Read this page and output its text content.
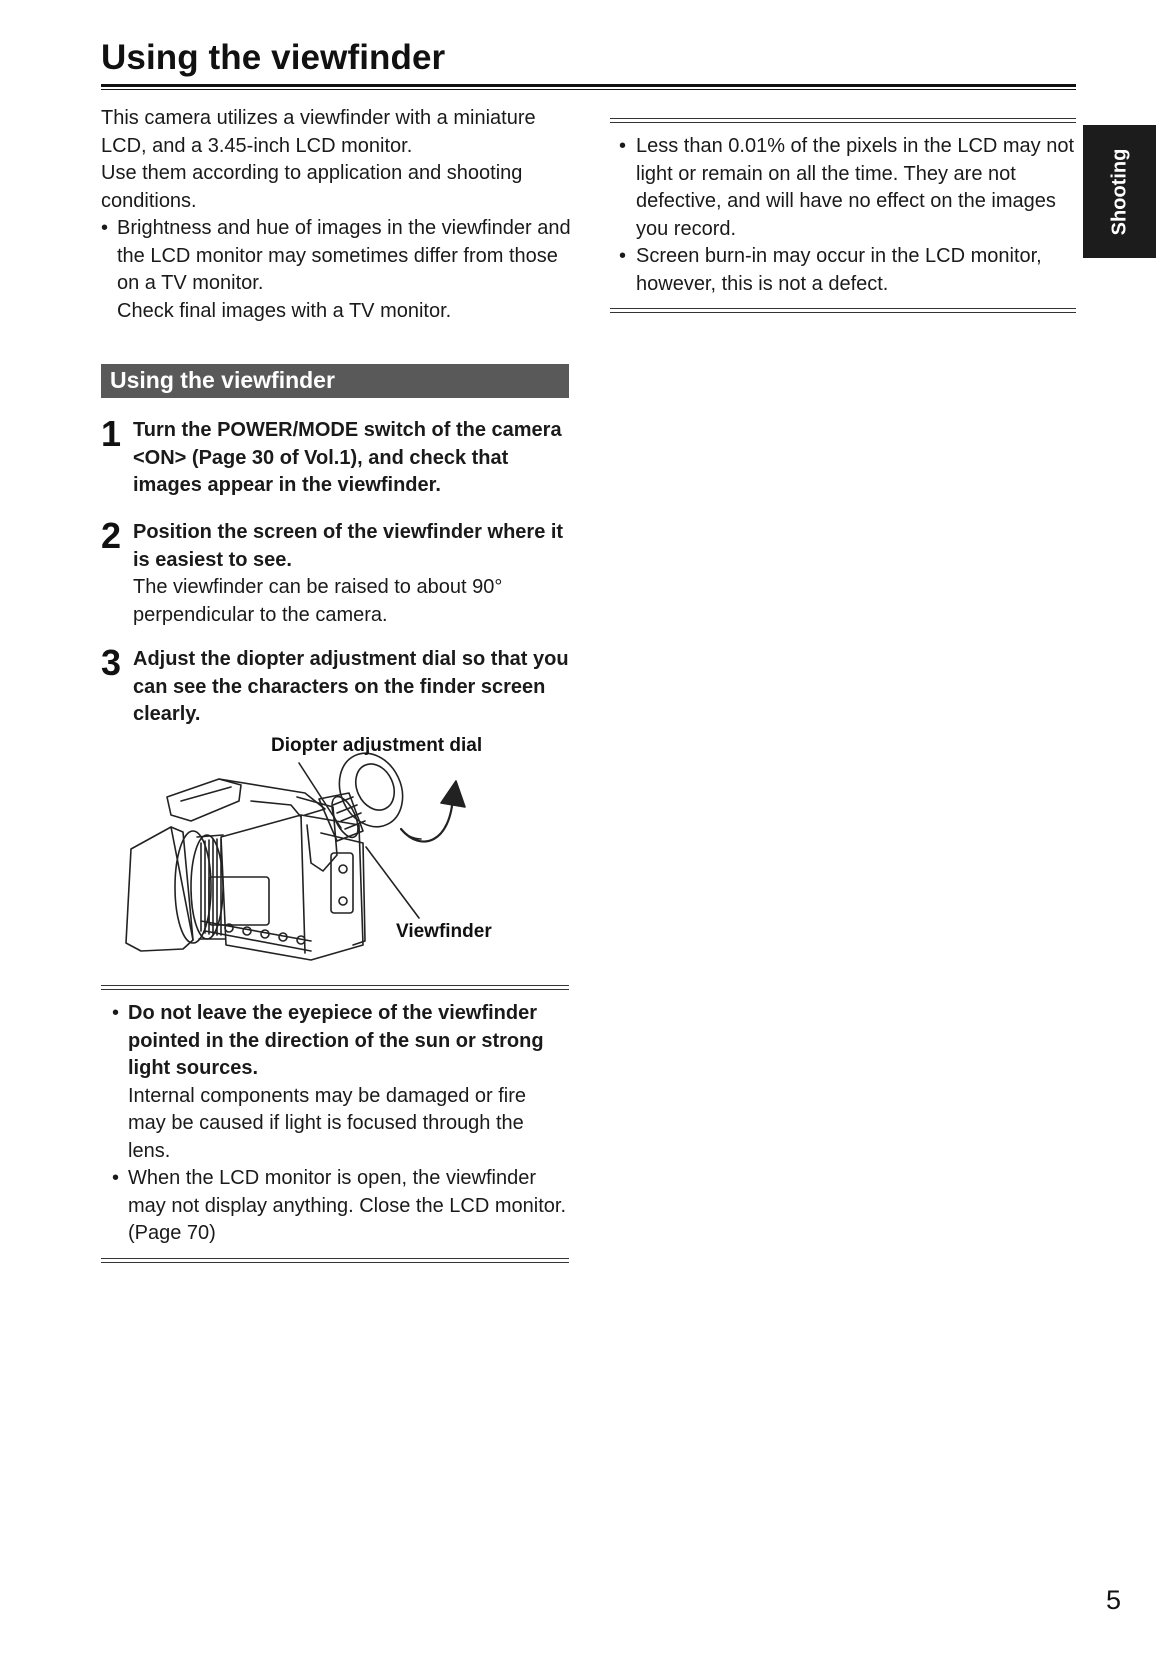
Using the viewfinder
Shooting

This camera utilizes a viewfinder with a miniature LCD, and a 3.45-inch LCD monitor.

Use them according to application and shooting conditions.

• Brightness and hue of images in the viewfinder and the LCD monitor may sometimes differ from those on a TV monitor.
Check final images with a TV monitor.
• Less than 0.01% of the pixels in the LCD may not light or remain on all the time. They are not defective, and will have no effect on the images you record.
• Screen burn-in may occur in the LCD monitor, however, this is not a defect.
Using the viewfinder
1 Turn the POWER/MODE switch of the camera <ON> (Page 30 of Vol.1), and check that images appear in the viewfinder.
2 Position the screen of the viewfinder where it is easiest to see.
The viewfinder can be raised to about 90° perpendicular to the camera.
3 Adjust the diopter adjustment dial so that you can see the characters on the finder screen clearly.
Diopter adjustment dial
Viewfinder
• Do not leave the eyepiece of the viewfinder pointed in the direction of the sun or strong light sources.
Internal components may be damaged or fire may be caused if light is focused through the lens.
• When the LCD monitor is open, the viewfinder may not display anything. Close the LCD monitor. (Page 70)
5
